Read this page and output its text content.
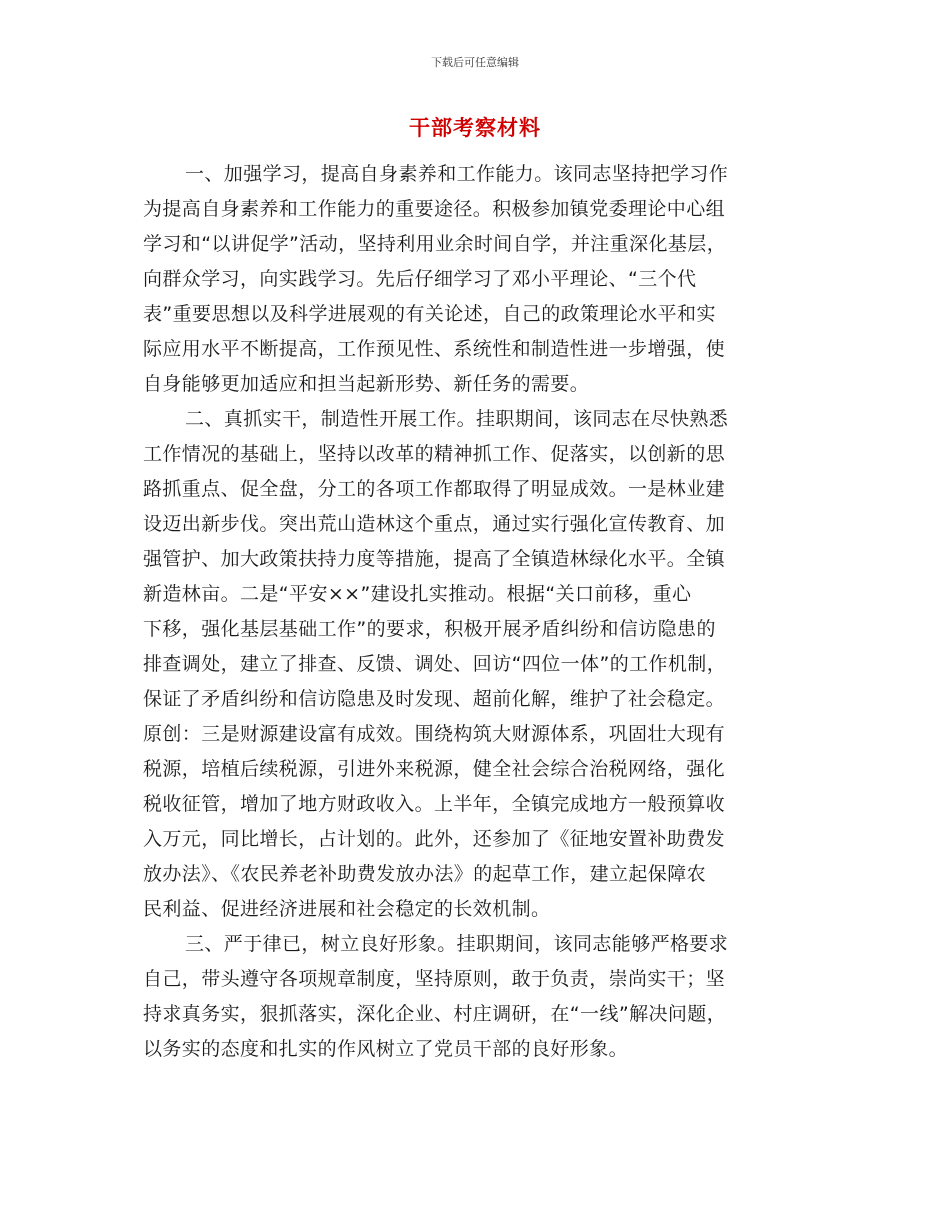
下载后可任意编辑
干部考察材料
一、加强学习，提高自身素养和工作能力。该同志坚持把学习作
为提高自身素养和工作能力的重要途径。积极参加镇党委理论中心组
学习和“以讲促学”活动，坚持利用业余时间自学，并注重深化基层，
向群众学习，向实践学习。先后仔细学习了邓小平理论、“三个代
表”重要思想以及科学进展观的有关论述，自己的政策理论水平和实
际应用水平不断提高，工作预见性、系统性和制造性进一步增强，使
自身能够更加适应和担当起新形势、新任务的需要。
二、真抓实干，制造性开展工作。挂职期间，该同志在尽快熟悉
工作情况的基础上，坚持以改革的精神抓工作、促落实，以创新的思
路抓重点、促全盘，分工的各项工作都取得了明显成效。一是林业建
设迈出新步伐。突出荒山造林这个重点，通过实行强化宣传教育、加
强管护、加大政策扶持力度等措施，提高了全镇造林绿化水平。全镇
新造林亩。二是“平安××”建设扎实推动。根据“关口前移，重心
下移，强化基层基础工作”的要求，积极开展矛盾纠纷和信访隐患的
排查调处，建立了排查、反馈、调处、回访“四位一体”的工作机制，
保证了矛盾纠纷和信访隐患及时发现、超前化解，维护了社会稳定。
原创：三是财源建设富有成效。围绕构筑大财源体系，巩固壮大现有
税源，培植后续税源，引进外来税源，健全社会综合治税网络，强化
税收征管，增加了地方财政收入。上半年，全镇完成地方一般预算收
入万元，同比增长，占计划的。此外，还参加了《征地安置补助费发
放办法》、《农民养老补助费发放办法》的起草工作，建立起保障农
民利益、促进经济进展和社会稳定的长效机制。
三、严于律已，树立良好形象。挂职期间，该同志能够严格要求
自己，带头遵守各项规章制度，坚持原则，敢于负责，崇尚实干；坚
持求真务实，狠抓落实，深化企业、村庄调研，在“一线”解决问题，
以务实的态度和扎实的作风树立了党员干部的良好形象。
